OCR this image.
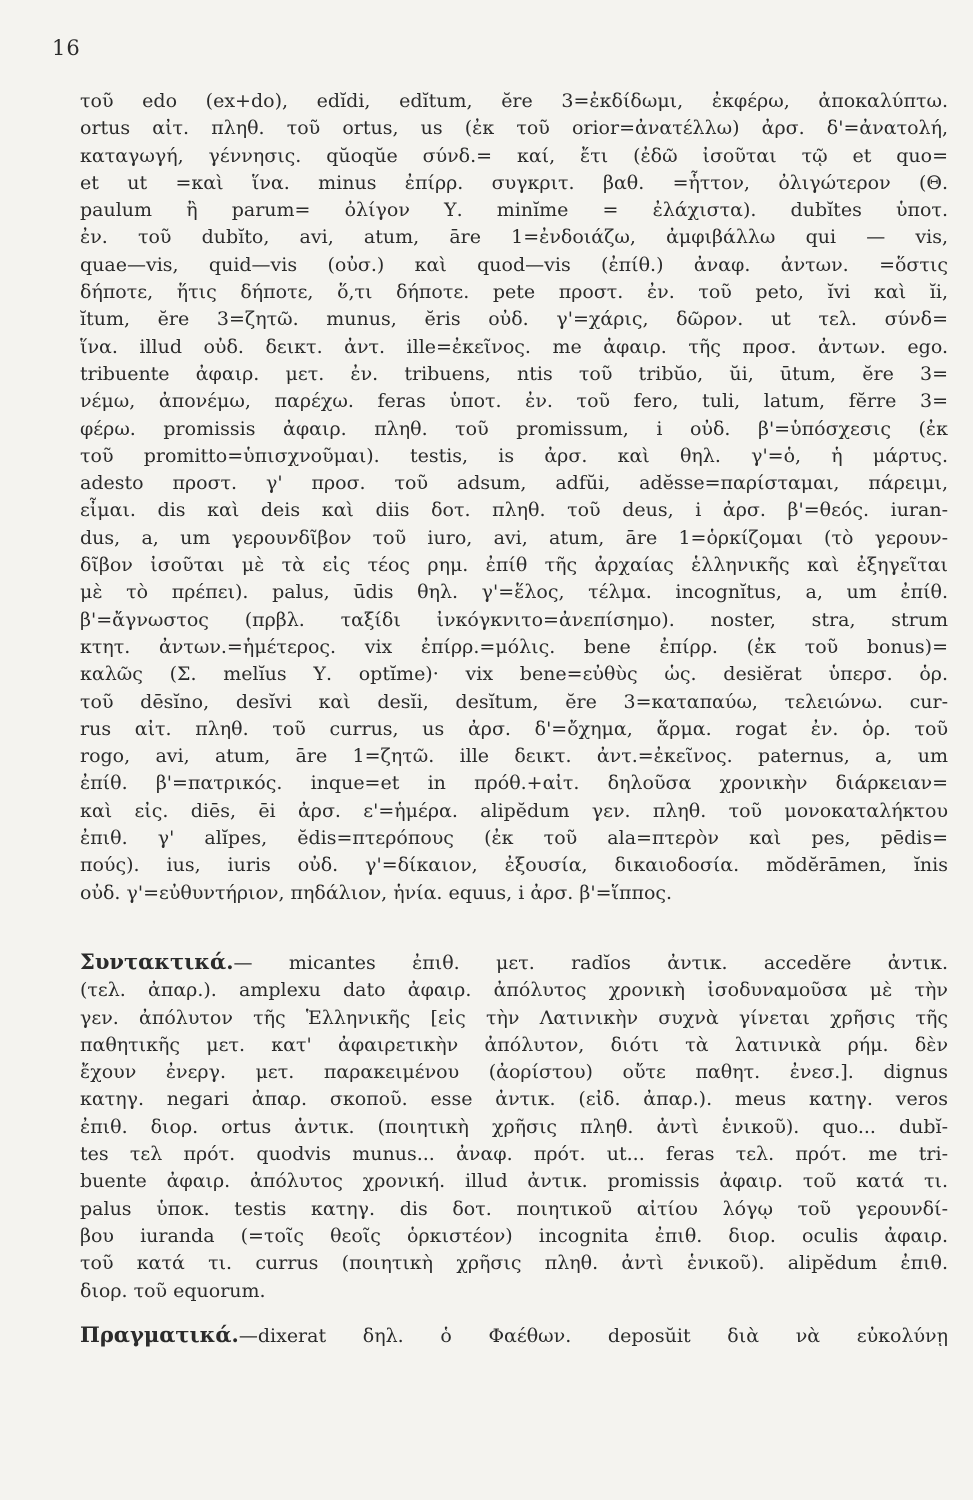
16
τοῦ edo (ex+do), edĭdi, edĭtum, ĕre 3=ἐκδίδωμι, ἐκφέρω, ἀποκαλύπτω.
ortus αἰτ. πληθ. τοῦ ortus, us (ἐκ τοῦ orior=ἀνατέλλω) ἀρσ. δ'=ἀνατολή,
καταγωγή, γέννησις. qŭoqŭe σύνδ.= καί, ἔτι (ἐδῶ ἰσοῦται τῷ et quo=
et ut =καὶ ἵνα. minus ἐπίρρ. συγκριτ. βαθ. =ἧττον, ὀλιγώτερον (Θ.
paulum ἢ parum= ὀλίγον Υ. minĭme = ἐλάχιστα). dubĭtes ὑποτ.
ἐν. τοῦ dubĭto, avi, atum, āre 1=ἐνδοιάζω, ἀμφιβάλλω qui — vis,
quae—vis, quid—vis (οὐσ.) καὶ quod—vis (ἐπίθ.) ἀναφ. ἀντων. =ὅστις
δήποτε, ἥτις δήποτε, ὅ,τι δήποτε. pete προστ. ἐν. τοῦ peto, ĭvi καὶ ĭi,
ĭtum, ĕre 3=ζητῶ. munus, ĕris οὐδ. γ'=χάρις, δῶρον. ut τελ. σύνδ=
ἵνα. illud οὐδ. δεικτ. ἀντ. ille=ἐκεῖνος. me ἀφαιρ. τῆς προσ. ἀντων. ego.
tribuente ἀφαιρ. μετ. ἐν. tribuens, ntis τοῦ tribŭo, ŭi, ūtum, ĕre 3=
νέμω, ἀπονέμω, παρέχω. feras ὑποτ. ἐν. τοῦ fero, tuli, latum, fĕrre 3=
φέρω. promissis ἀφαιρ. πληθ. τοῦ promissum, i οὐδ. β'=ὑπόσχεσις (ἐκ
τοῦ promitto=ὑπισχνοῦμαι). testis, is ἀρσ. καὶ θηλ. γ'=ὁ, ἡ μάρτυς.
adesto προστ. γ' προσ. τοῦ adsum, adfŭi, adĕsse=παρίσταμαι, πάρειμι,
εἶμαι. dis καὶ deis καὶ diis δοτ. πληθ. τοῦ deus, i ἀρσ. β'=θεός. iuran-
dus, a, um γερουνδῖβον τοῦ iuro, avi, atum, āre 1=ὁρκίζομαι (τὸ γερουν-
δῖβον ἰσοῦται μὲ τὰ εἰς τέος ρημ. ἐπίθ τῆς ἀρχαίας ἑλληνικῆς καὶ ἐξηγεῖται
μὲ τὸ πρέπει). palus, ūdis θηλ. γ'=ἕλος, τέλμα. incognĭtus, a, um ἐπίθ.
β'=ἄγνωστος (πρβλ. ταξίδι ἰνκόγκνιτο=ἀνεπίσημο). noster, stra, strum
κτητ. ἀντων.=ἡμέτερος. vix ἐπίρρ.=μόλις. bene ἐπίρρ. (ἐκ τοῦ bonus)=
καλῶς (Σ. melĭus Υ. optĭme)· vix bene=εὐθὺς ὡς. desiĕrat ὑπερσ. ὁρ.
τοῦ dēsĭno, desĭvi καὶ desĭi, desĭtum, ĕre 3=καταπαύω, τελειώνω. cur-
rus αἰτ. πληθ. τοῦ currus, us ἀρσ. δ'=ὄχημα, ἅρμα. rogat ἐν. ὁρ. τοῦ
rogo, avi, atum, āre 1=ζητῶ. ille δεικτ. ἀντ.=ἐκεῖνος. paternus, a, um
ἐπίθ. β'=πατρικός. inque=et in πρόθ.+αἰτ. δηλοῦσα χρονικὴν διάρκειαν=
καὶ εἰς. diēs, ēi ἀρσ. ε'=ἡμέρα. alipĕdum γεν. πληθ. τοῦ μονοκαταλήκτου
ἐπιθ. γ' alĭpes, ĕdis=πτερόπους (ἐκ τοῦ ala=πτερὸν καὶ pes, pēdis=
πούς). ius, iuris οὐδ. γ'=δίκαιον, ἐξουσία, δικαιοδοσία. mŏdĕrāmen, ĭnis
οὐδ. γ'=εὐθυντήριον, πηδάλιον, ἡνία. equus, i ἀρσ. β'=ἵππος.
Συντακτικά.— micantes ἐπιθ. μετ. radĭos ἀντικ. accedĕre ἀντικ.
(τελ. ἀπαρ.). amplexu dato ἀφαιρ. ἀπόλυτος χρονικὴ ἰσοδυναμοῦσα μὲ τὴν
γεν. ἀπόλυτον τῆς Ἑλληνικῆς [εἰς τὴν Λατινικὴν συχνὰ γίνεται χρῆσις τῆς
παθητικῆς μετ. κατ' ἀφαιρετικὴν ἀπόλυτον, διότι τὰ λατινικὰ ρήμ. δὲν
ἔχουν ἐνεργ. μετ. παρακειμένου (ἀορίστου) οὔτε παθητ. ἐνεσ.]. dignus
κατηγ. negari ἀπαρ. σκοποῦ. esse ἀντικ. (εἰδ. ἀπαρ.). meus κατηγ. veros
ἐπιθ. διορ. ortus ἀντικ. (ποιητικὴ χρῆσις πληθ. ἀντὶ ἑνικοῦ). quo... dubĭ-
tes τελ πρότ. quodvis munus... ἀναφ. πρότ. ut... feras τελ. πρότ. me tri-
buente ἀφαιρ. ἀπόλυτος χρονική. illud ἀντικ. promissis ἀφαιρ. τοῦ κατά τι.
palus ὑποκ. testis κατηγ. dis δοτ. ποιητικοῦ αἰτίου λόγῳ τοῦ γερουνδί-
βου iuranda (=τοῖς θεοῖς ὁρκιστέον) incognita ἐπιθ. διορ. oculis ἀφαιρ.
τοῦ κατά τι. currus (ποιητικὴ χρῆσις πληθ. ἀντὶ ἑνικοῦ). alipĕdum ἐπιθ.
διορ. τοῦ equorum.
Πραγματικά.—dixerat δηλ. ὁ Φαέθων. deposŭit διὰ νὰ εὐκολύνῃ
